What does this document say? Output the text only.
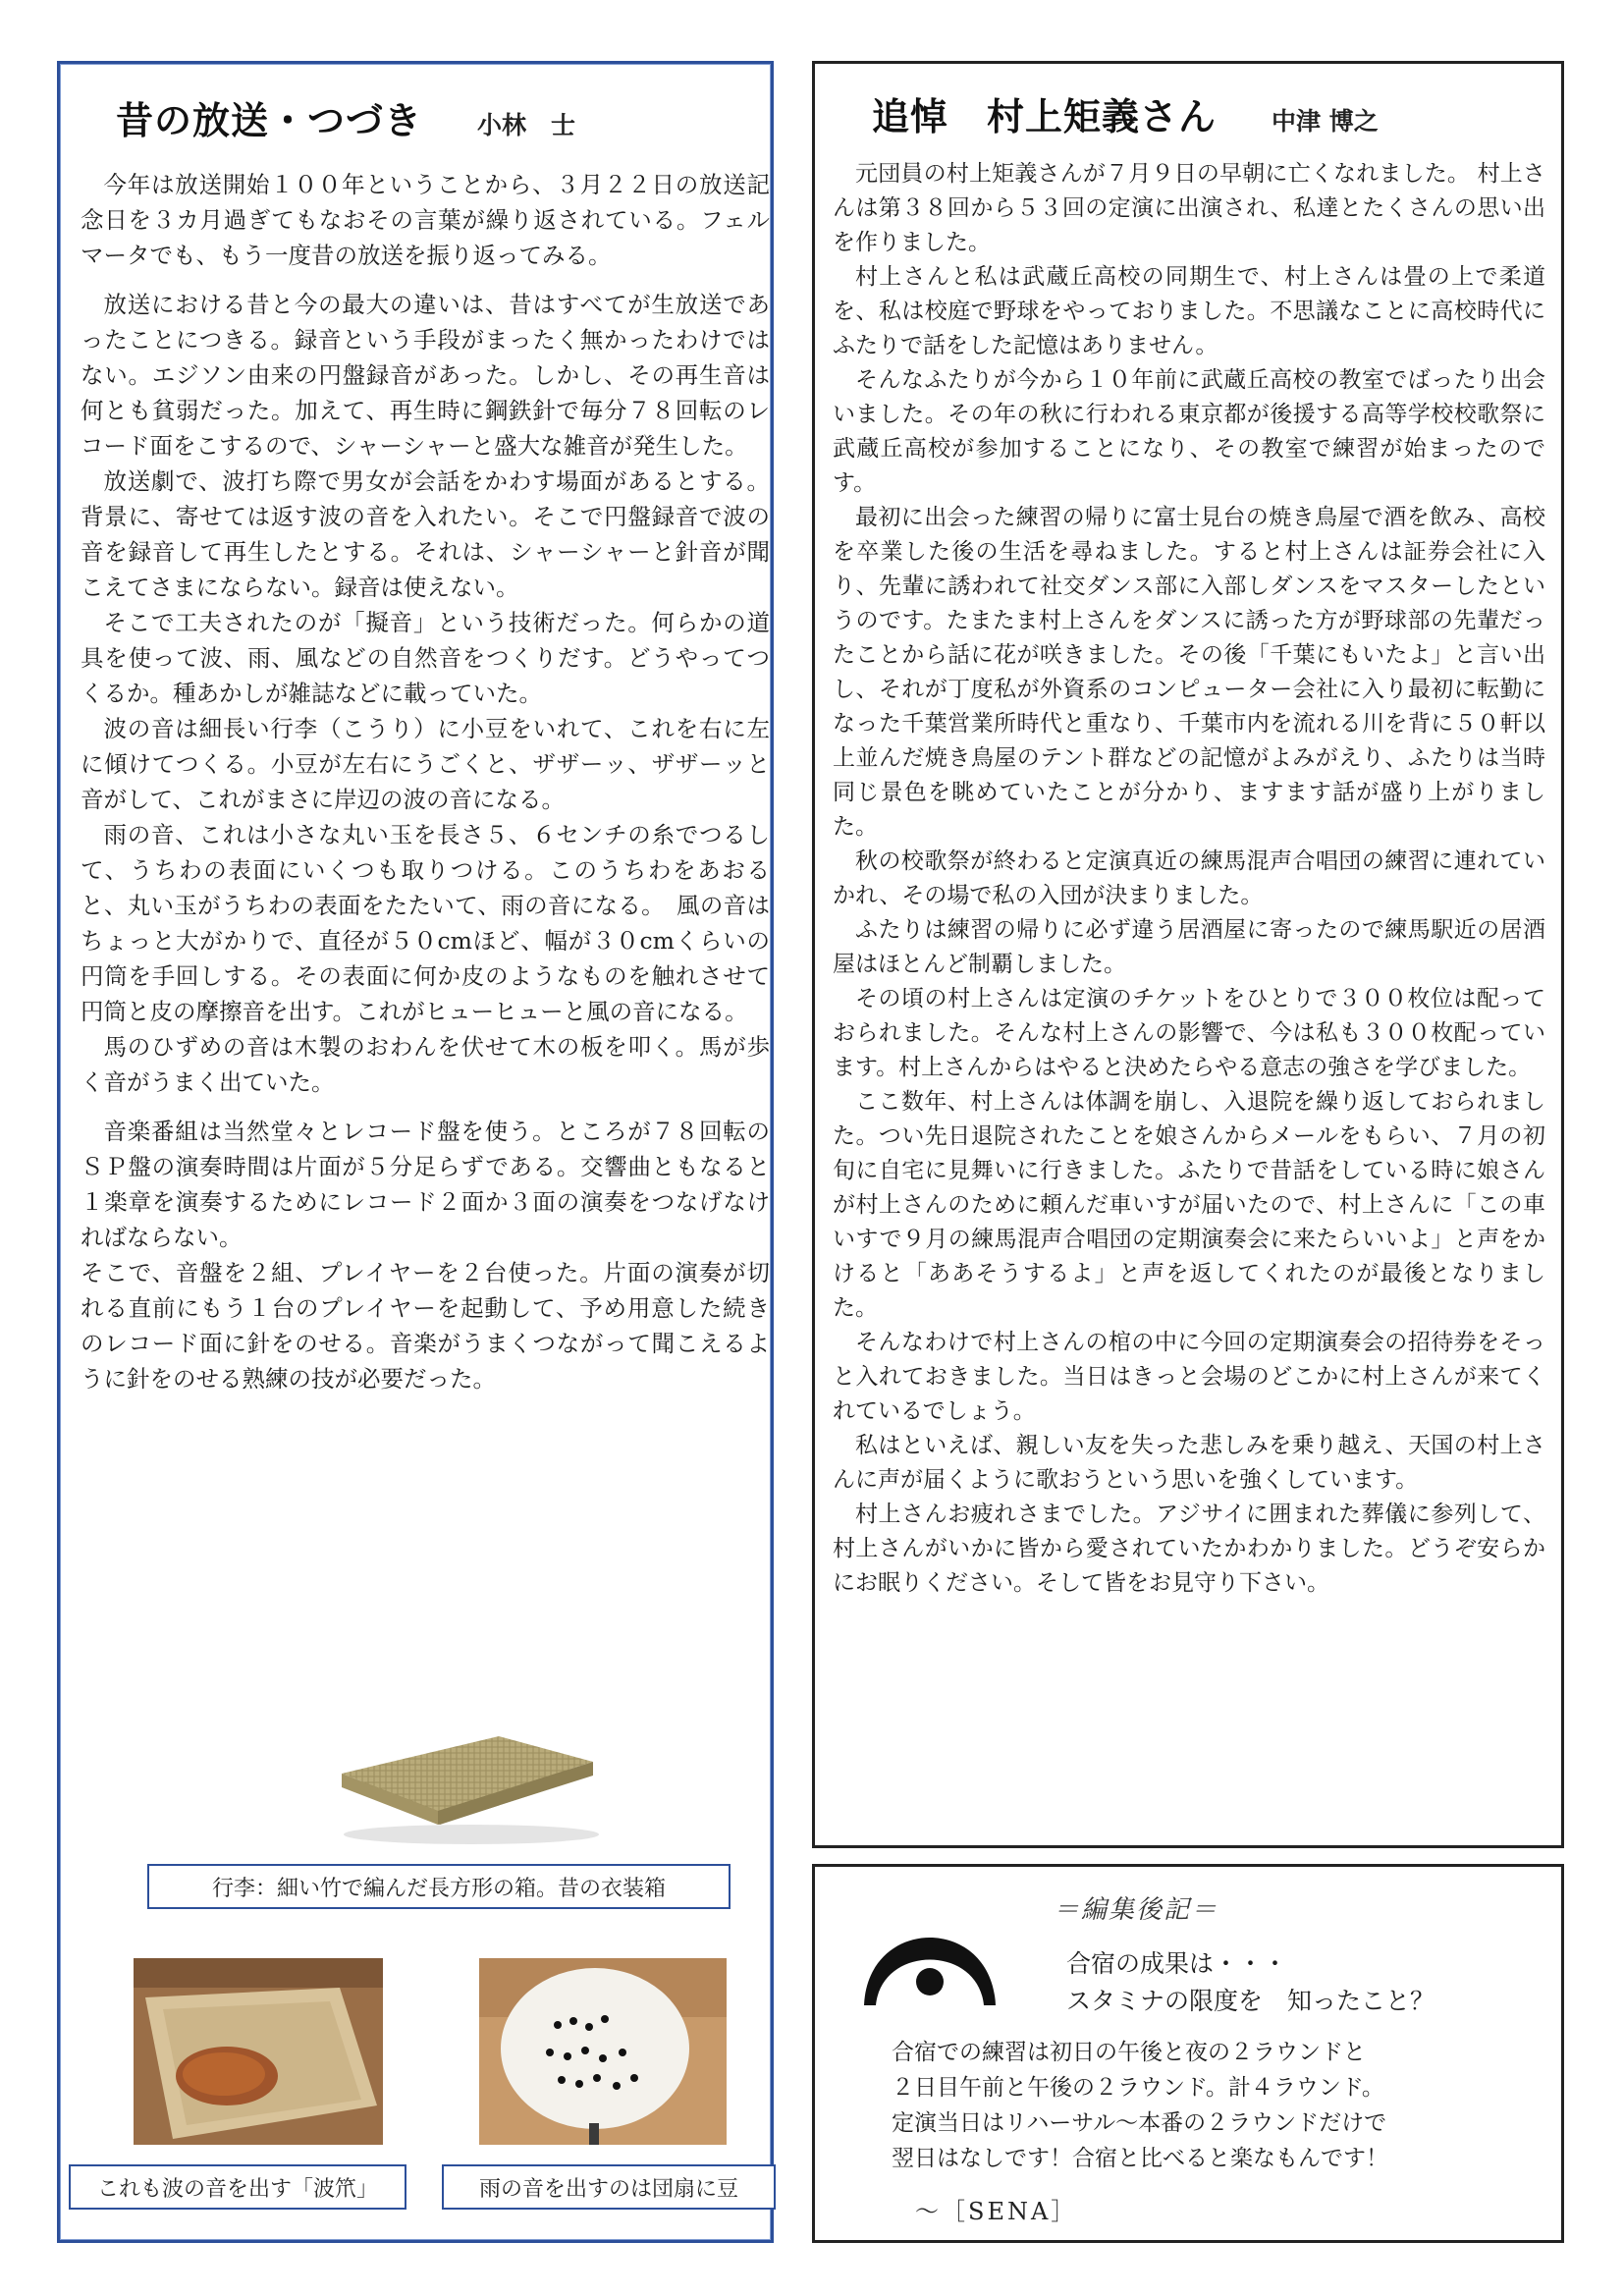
昔の放送・つづき 小林　士

今年は放送開始１００年ということから、３月２２日の放送記念日を３カ月過ぎてもなおその言葉が繰り返されている。フェルマータでも、もう一度昔の放送を振り返ってみる。

放送における昔と今の最大の違いは、昔はすべてが生放送であったことにつきる。録音という手段がまったく無かったわけではない。エジソン由来の円盤録音があった。しかし、その再生音は何とも貧弱だった。加えて、再生時に鋼鉄針で毎分７８回転のレコード面をこするので、シャーシャーと盛大な雑音が発生した。

放送劇で、波打ち際で男女が会話をかわす場面があるとする。背景に、寄せては返す波の音を入れたい。そこで円盤録音で波の音を録音して再生したとする。それは、シャーシャーと針音が聞こえてさまにならない。録音は使えない。

そこで工夫されたのが「擬音」という技術だった。何らかの道具を使って波、雨、風などの自然音をつくりだす。どうやってつくるか。種あかしが雑誌などに載っていた。

波の音は細長い行李（こうり）に小豆をいれて、これを右に左に傾けてつくる。小豆が左右にうごくと、ザザーッ、ザザーッと音がして、これがまさに岸辺の波の音になる。

雨の音、これは小さな丸い玉を長さ５、６センチの糸でつるして、うちわの表面にいくつも取りつける。このうちわをあおると、丸い玉がうちわの表面をたたいて、雨の音になる。　風の音はちょっと大がかりで、直径が５０cmほど、幅が３０cmくらいの円筒を手回しする。その表面に何か皮のようなものを触れさせて円筒と皮の摩擦音を出す。これがヒューヒューと風の音になる。

馬のひずめの音は木製のおわんを伏せて木の板を叩く。馬が歩く音がうまく出ていた。

音楽番組は当然堂々とレコード盤を使う。ところが７８回転のＳＰ盤の演奏時間は片面が５分足らずである。交響曲ともなると１楽章を演奏するためにレコード２面か３面の演奏をつなげなければならない。

そこで、音盤を２組、プレイヤーを２台使った。片面の演奏が切れる直前にもう１台のプレイヤーを起動して、予め用意した続きのレコード面に針をのせる。音楽がうまくつながって聞こえるように針をのせる熟練の技が必要だった。

行李：細い竹で編んだ長方形の箱。昔の衣装箱
これも波の音を出す「波笊」	雨の音を出すのは団扇に豆
追悼　村上矩義さん 中津 博之

元団員の村上矩義さんが７月９日の早朝に亡くなれました。 村上さんは第３８回から５３回の定演に出演され、私達とたくさんの思い出を作りました。

村上さんと私は武蔵丘高校の同期生で、村上さんは畳の上で柔道を、私は校庭で野球をやっておりました。不思議なことに高校時代にふたりで話をした記憶はありません。

そんなふたりが今から１０年前に武蔵丘高校の教室でばったり出会いました。その年の秋に行われる東京都が後援する高等学校校歌祭に武蔵丘高校が参加することになり、その教室で練習が始まったのです。

最初に出会った練習の帰りに富士見台の焼き鳥屋で酒を飲み、高校を卒業した後の生活を尋ねました。すると村上さんは証券会社に入り、先輩に誘われて社交ダンス部に入部しダンスをマスターしたというのです。たまたま村上さんをダンスに誘った方が野球部の先輩だったことから話に花が咲きました。その後「千葉にもいたよ」と言い出し、それが丁度私が外資系のコンピューター会社に入り最初に転勤になった千葉営業所時代と重なり、千葉市内を流れる川を背に５０軒以上並んだ焼き鳥屋のテント群などの記憶がよみがえり、ふたりは当時同じ景色を眺めていたことが分かり、ますます話が盛り上がりました。

秋の校歌祭が終わると定演真近の練馬混声合唱団の練習に連れていかれ、その場で私の入団が決まりました。

ふたりは練習の帰りに必ず違う居酒屋に寄ったので練馬駅近の居酒屋はほとんど制覇しました。

その頃の村上さんは定演のチケットをひとりで３００枚位は配っておられました。そんな村上さんの影響で、今は私も３００枚配っています。村上さんからはやると決めたらやる意志の強さを学びました。

ここ数年、村上さんは体調を崩し、入退院を繰り返しておられました。つい先日退院されたことを娘さんからメールをもらい、７月の初旬に自宅に見舞いに行きました。ふたりで昔話をしている時に娘さんが村上さんのために頼んだ車いすが届いたので、村上さんに「この車いすで９月の練馬混声合唱団の定期演奏会に来たらいいよ」と声をかけると「ああそうするよ」と声を返してくれたのが最後となりました。

そんなわけで村上さんの棺の中に今回の定期演奏会の招待券をそっと入れておきました。当日はきっと会場のどこかに村上さんが来てくれているでしょう。

私はといえば、親しい友を失った悲しみを乗り越え、天国の村上さんに声が届くように歌おうという思いを強くしています。

村上さんお疲れさまでした。アジサイに囲まれた葬儀に参列して、村上さんがいかに皆から愛されていたかわかりました。どうぞ安らかにお眠りください。そして皆をお見守り下さい。

＝編集後記＝
合宿の成果は・・・
スタミナの限度を　知ったこと？
合宿での練習は初日の午後と夜の２ラウンドと
２日目午前と午後の２ラウンド。計４ラウンド。
定演当日はリハーサル～本番の２ラウンドだけで
翌日はなしです！合宿と比べると楽なもんです！
～［SENA］
